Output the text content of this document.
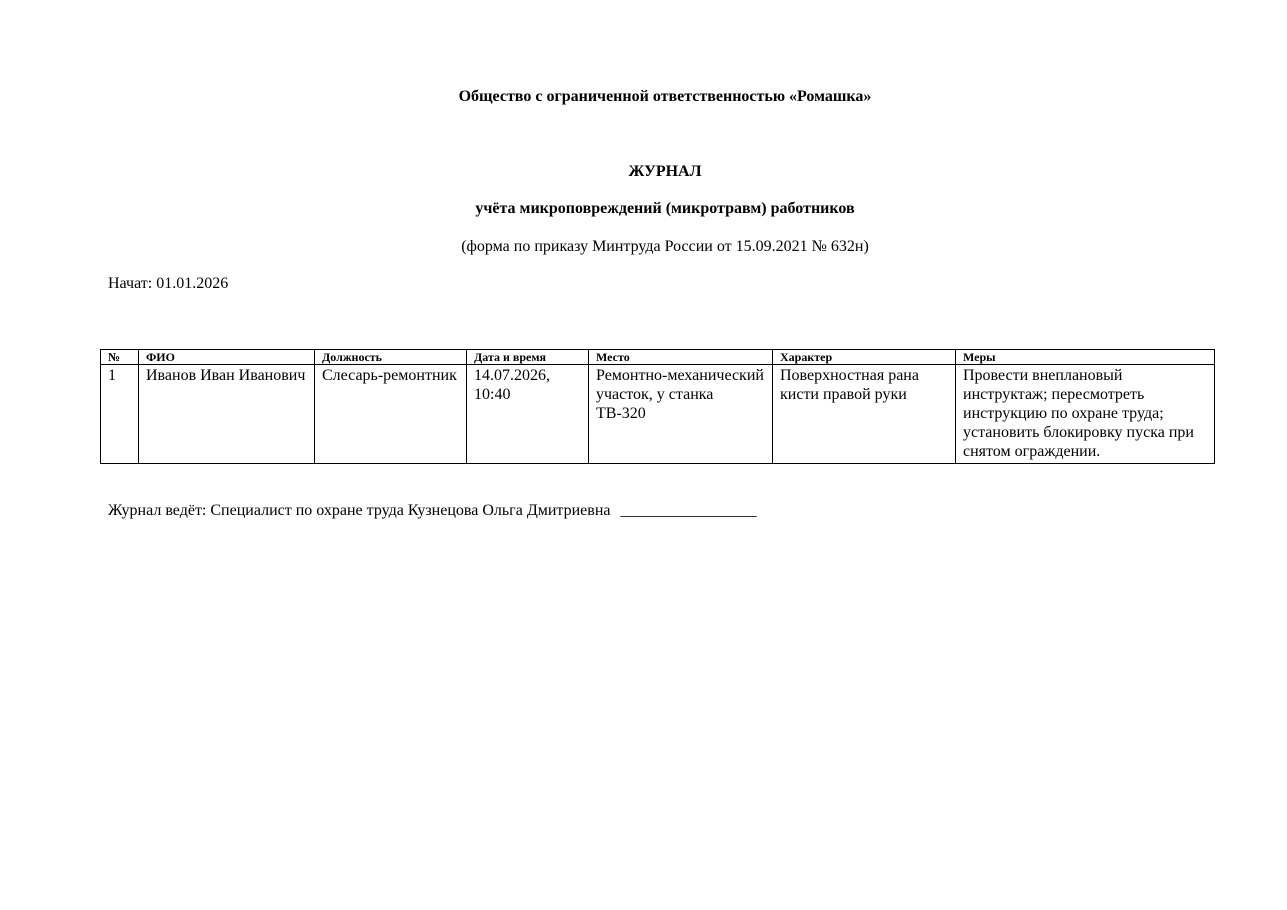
Общество с ограниченной ответственностью «Ромашка»
ЖУРНАЛ
учёта микроповреждений (микротравм) работников
(форма по приказу Минтруда России от 15.09.2021 № 632н)
Начат: 01.01.2026
№	ФИО	Должность	Дата и время	Место	Характер	Меры
1	Иванов Иван Иванович	Слесарь-ремонтник	14.07.2026, 10:40	Ремонтно-механический участок, у станка ТВ-320	Поверхностная рана кисти правой руки	Провести внеплановый инструктаж; пересмотреть инструкцию по охране труда; установить блокировку пуска при снятом ограждении.
Журнал ведёт: Специалист по охране труда Кузнецова Ольга Дмитриевна _________________
